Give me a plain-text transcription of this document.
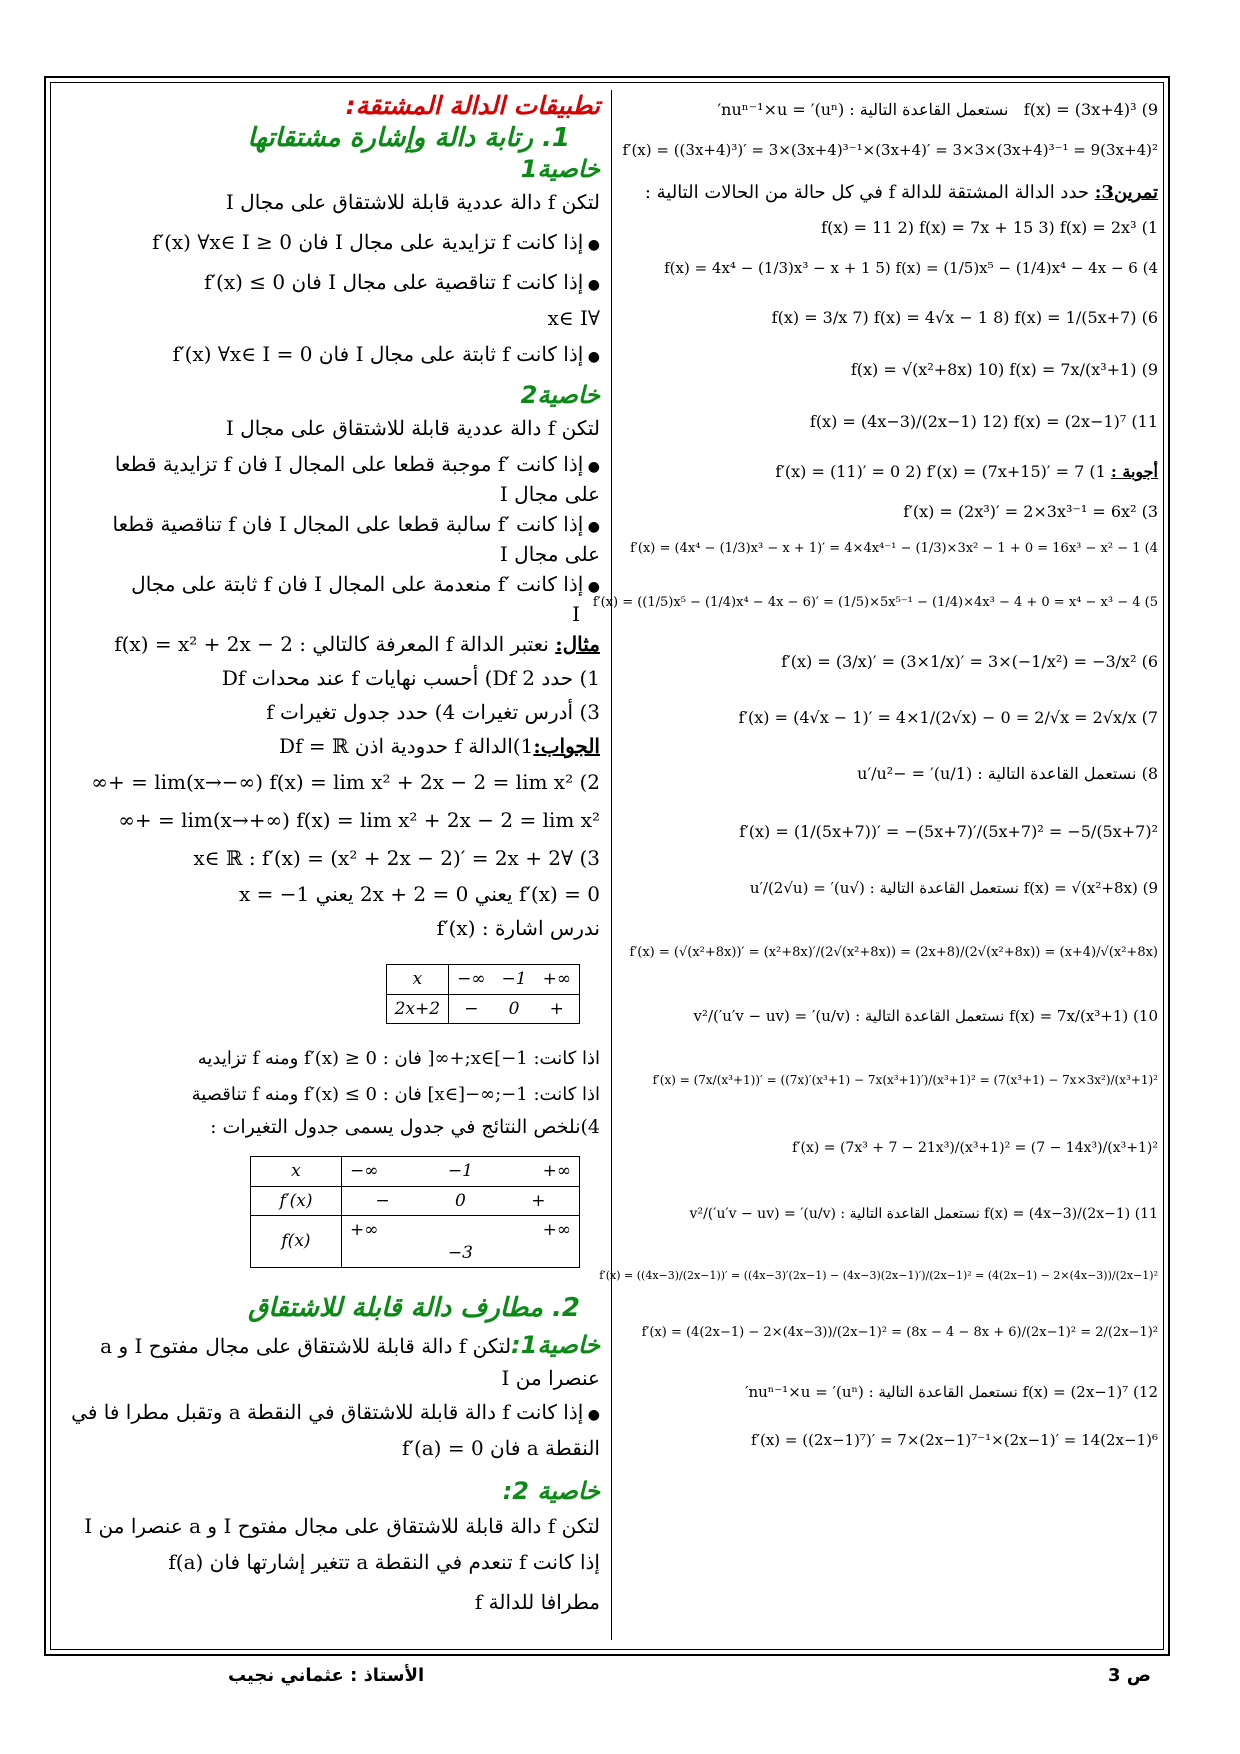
تطبيقات الدالة المشتقة:
1. رتابة دالة وإشارة مشتقاتها
خاصية1
لتكن f دالة عددية قابلة للاشتقاق على مجال I
● إذا كانت f تزايدية على مجال I فان 0 ≤ f′(x) ∀x∈ I
● إذا كانت f تناقصية على مجال I فان 0 ≥ f′(x)
∀x∈ I
● إذا كانت f ثابتة على مجال I فان 0 = f′(x) ∀x∈ I
خاصية2
لتكن f دالة عددية قابلة للاشتقاق على مجال I
● إذا كانت ′f موجبة قطعا على المجال I فان f تزايدية قطعا
على مجال I
● إذا كانت ′f سالبة قطعا على المجال I فان f تناقصية قطعا
على مجال I
● إذا كانت ′f منعدمة على المجال I فان f ثابتة على مجال
I
مثال: نعتبر الدالة f المعرفة كالتالي : f(x) = x² + 2x − 2
1) حدد Df 2) أحسب نهايات f عند محدات Df
3) أدرس تغيرات 4) حدد جدول تغيرات f
الجواب:1)الدالة f حدودية اذن Df = ℝ
2) lim(x→−∞) f(x) = lim x² + 2x − 2 = lim x² = +∞
lim(x→+∞) f(x) = lim x² + 2x − 2 = lim x² = +∞
3) ∀x∈ ℝ : f′(x) = (x² + 2x − 2)′ = 2x + 2
f′(x) = 0 يعني 2x + 2 = 0 يعني x = −1
ندرس اشارة : f′(x)
x	−∞	−1	+∞
2x+2	−	0	+
اذا كانت: x∈[−1;+∞[ فان : f′(x) ≥ 0 ومنه f تزايديه
اذا كانت: x∈]−∞;−1] فان : f′(x) ≤ 0 ومنه f تناقصية
4)نلخص النتائج في جدول يسمى جدول التغيرات :
x	−∞	−1	+∞
f′(x)	−	0	+
f(x)	+∞	−3	+∞
2. مطارف دالة قابلة للاشتقاق
خاصية1:لتكن f دالة قابلة للاشتقاق على مجال مفتوح I و a
عنصرا من I
● إذا كانت f دالة قابلة للاشتقاق في النقطة a وتقبل مطرا فا في
النقطة a فان 0 = f′(a)
خاصية 2:
لتكن f دالة قابلة للاشتقاق على مجال مفتوح I و a عنصرا من I
إذا كانت f تنعدم في النقطة a تتغير إشارتها فان f(a)
مطرافا للدالة f
9) f(x) = (3x+4)³   نستعمل القاعدة التالية : (uⁿ)′ = nuⁿ⁻¹×u′
f′(x) = ((3x+4)³)′ = 3×(3x+4)³⁻¹×(3x+4)′ = 3×3×(3x+4)³⁻¹ = 9(3x+4)²
تمرين3: حدد الدالة المشتقة للدالة f في كل حالة من الحالات التالية :
1) f(x) = 11 2) f(x) = 7x + 15 3) f(x) = 2x³
4) f(x) = 4x⁴ − (1/3)x³ − x + 1 5) f(x) = (1/5)x⁵ − (1/4)x⁴ − 4x − 6
6) f(x) = 3/x 7) f(x) = 4√x − 1 8) f(x) = 1/(5x+7)
9) f(x) = √(x²+8x) 10) f(x) = 7x/(x³+1)
11) f(x) = (4x−3)/(2x−1) 12) f(x) = (2x−1)⁷
أجوبة : 1) f′(x) = (11)′ = 0 2) f′(x) = (7x+15)′ = 7
3) f′(x) = (2x³)′ = 2×3x³⁻¹ = 6x²
4) f′(x) = (4x⁴ − (1/3)x³ − x + 1)′ = 4×4x⁴⁻¹ − (1/3)×3x² − 1 + 0 = 16x³ − x² − 1
5) f′(x) = ((1/5)x⁵ − (1/4)x⁴ − 4x − 6)′ = (1/5)×5x⁵⁻¹ − (1/4)×4x³ − 4 + 0 = x⁴ − x³ − 4
6) f′(x) = (3/x)′ = (3×1/x)′ = 3×(−1/x²) = −3/x²
7) f′(x) = (4√x − 1)′ = 4×1/(2√x) − 0 = 2/√x = 2√x/x
8) نستعمل القاعدة التالية : (1/u)′ = −u′/u²
f′(x) = (1/(5x+7))′ = −(5x+7)′/(5x+7)² = −5/(5x+7)²
9) f(x) = √(x²+8x) نستعمل القاعدة التالية : (√u)′ = u′/(2√u)
f′(x) = (√(x²+8x))′ = (x²+8x)′/(2√(x²+8x)) = (2x+8)/(2√(x²+8x)) = (x+4)/√(x²+8x)
10) f(x) = 7x/(x³+1) نستعمل القاعدة التالية : (u/v)′ = (u′v − uv′)/v²
f′(x) = (7x/(x³+1))′ = ((7x)′(x³+1) − 7x(x³+1)′)/(x³+1)² = (7(x³+1) − 7x×3x²)/(x³+1)²
f′(x) = (7x³ + 7 − 21x³)/(x³+1)² = (7 − 14x³)/(x³+1)²
11) f(x) = (4x−3)/(2x−1) نستعمل القاعدة التالية : (u/v)′ = (u′v − uv′)/v²
f′(x) = ((4x−3)/(2x−1))′ = ((4x−3)′(2x−1) − (4x−3)(2x−1)′)/(2x−1)² = (4(2x−1) − 2×(4x−3))/(2x−1)²
f′(x) = (4(2x−1) − 2×(4x−3))/(2x−1)² = (8x − 4 − 8x + 6)/(2x−1)² = 2/(2x−1)²
12) f(x) = (2x−1)⁷ نستعمل القاعدة التالية : (uⁿ)′ = nuⁿ⁻¹×u′
f′(x) = ((2x−1)⁷)′ = 7×(2x−1)⁷⁻¹×(2x−1)′ = 14(2x−1)⁶
الأستاذ : عثماني نجيب	ص 3
